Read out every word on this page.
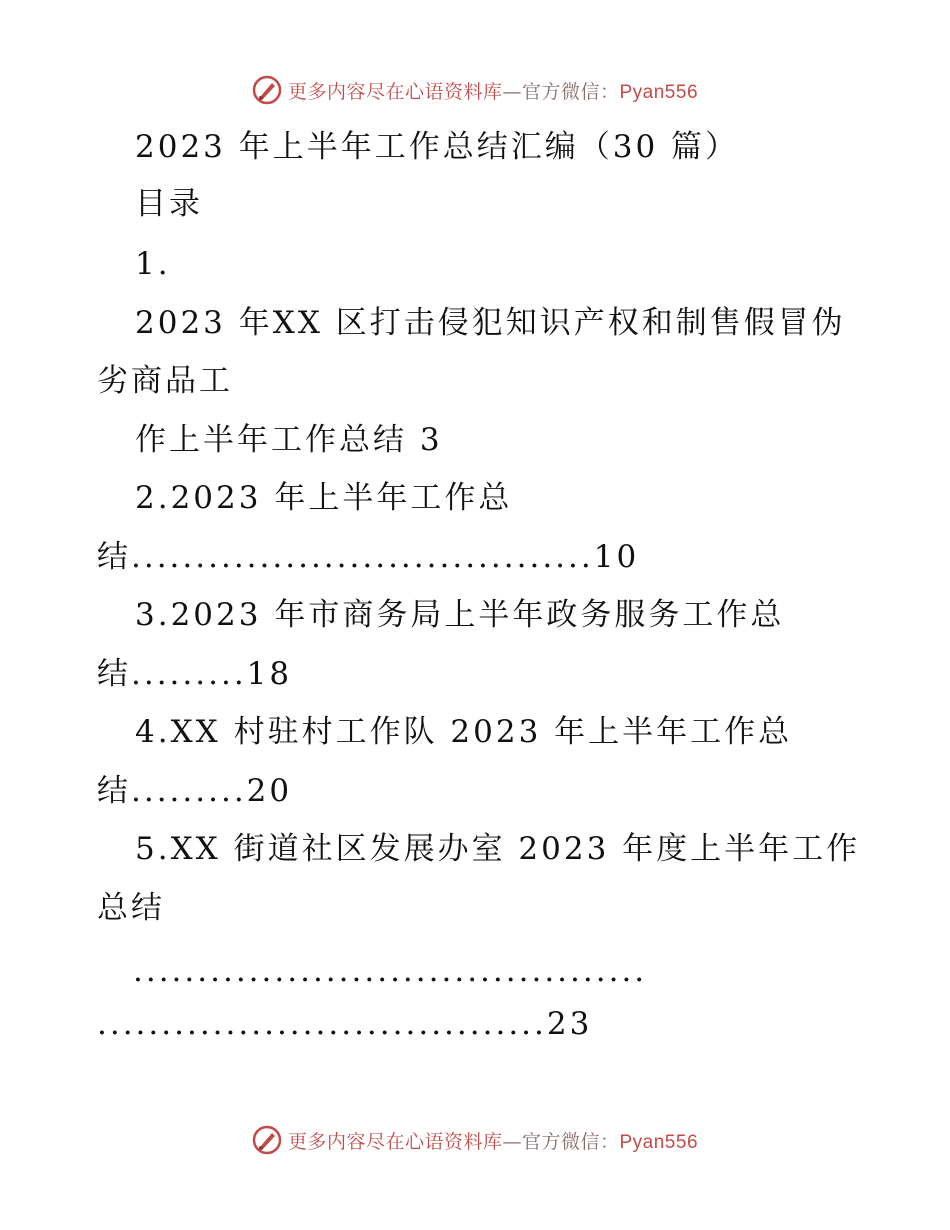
更多内容尽在心语资料库—官方微信：Pyan556
2023 年上半年工作总结汇编（30 篇）
目录
1.
2023 年XX 区打击侵犯知识产权和制售假冒伪
劣商品工
作上半年工作总结 3
2.2023 年上半年工作总
结....................................10
3.2023 年市商务局上半年政务服务工作总
结.........18
4.XX 村驻村工作队 2023 年上半年工作总
结.........20
5.XX 街道社区发展办室 2023 年度上半年工作
总结
........................................
...................................23
更多内容尽在心语资料库—官方微信：Pyan556
